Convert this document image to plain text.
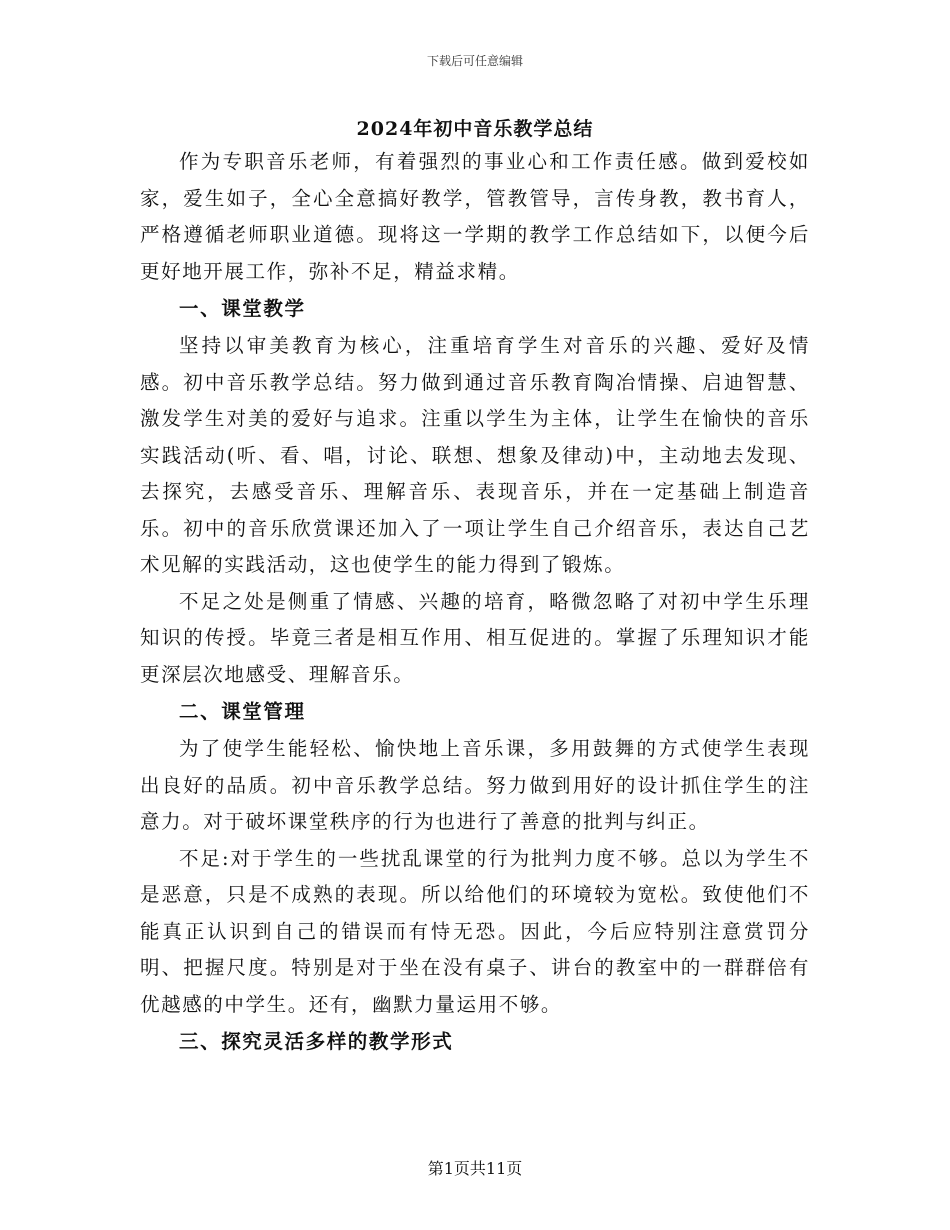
下载后可任意编辑
2024年初中音乐教学总结

作为专职音乐老师，有着强烈的事业心和工作责任感。做到爱校如家，爱生如子，全心全意搞好教学，管教管导，言传身教，教书育人，严格遵循老师职业道德。现将这一学期的教学工作总结如下，以便今后更好地开展工作，弥补不足，精益求精。

一、课堂教学

坚持以审美教育为核心，注重培育学生对音乐的兴趣、爱好及情感。初中音乐教学总结。努力做到通过音乐教育陶冶情操、启迪智慧、激发学生对美的爱好与追求。注重以学生为主体，让学生在愉快的音乐实践活动(听、看、唱，讨论、联想、想象及律动)中，主动地去发现、去探究，去感受音乐、理解音乐、表现音乐，并在一定基础上制造音乐。初中的音乐欣赏课还加入了一项让学生自己介绍音乐，表达自己艺术见解的实践活动，这也使学生的能力得到了锻炼。

不足之处是侧重了情感、兴趣的培育，略微忽略了对初中学生乐理知识的传授。毕竟三者是相互作用、相互促进的。掌握了乐理知识才能更深层次地感受、理解音乐。

二、课堂管理

为了使学生能轻松、愉快地上音乐课，多用鼓舞的方式使学生表现出良好的品质。初中音乐教学总结。努力做到用好的设计抓住学生的注意力。对于破坏课堂秩序的行为也进行了善意的批判与纠正。

不足:对于学生的一些扰乱课堂的行为批判力度不够。总以为学生不是恶意，只是不成熟的表现。所以给他们的环境较为宽松。致使他们不能真正认识到自己的错误而有恃无恐。因此，今后应特别注意赏罚分明、把握尺度。特别是对于坐在没有桌子、讲台的教室中的一群群倍有优越感的中学生。还有，幽默力量运用不够。

三、探究灵活多样的教学形式
第1页共11页
